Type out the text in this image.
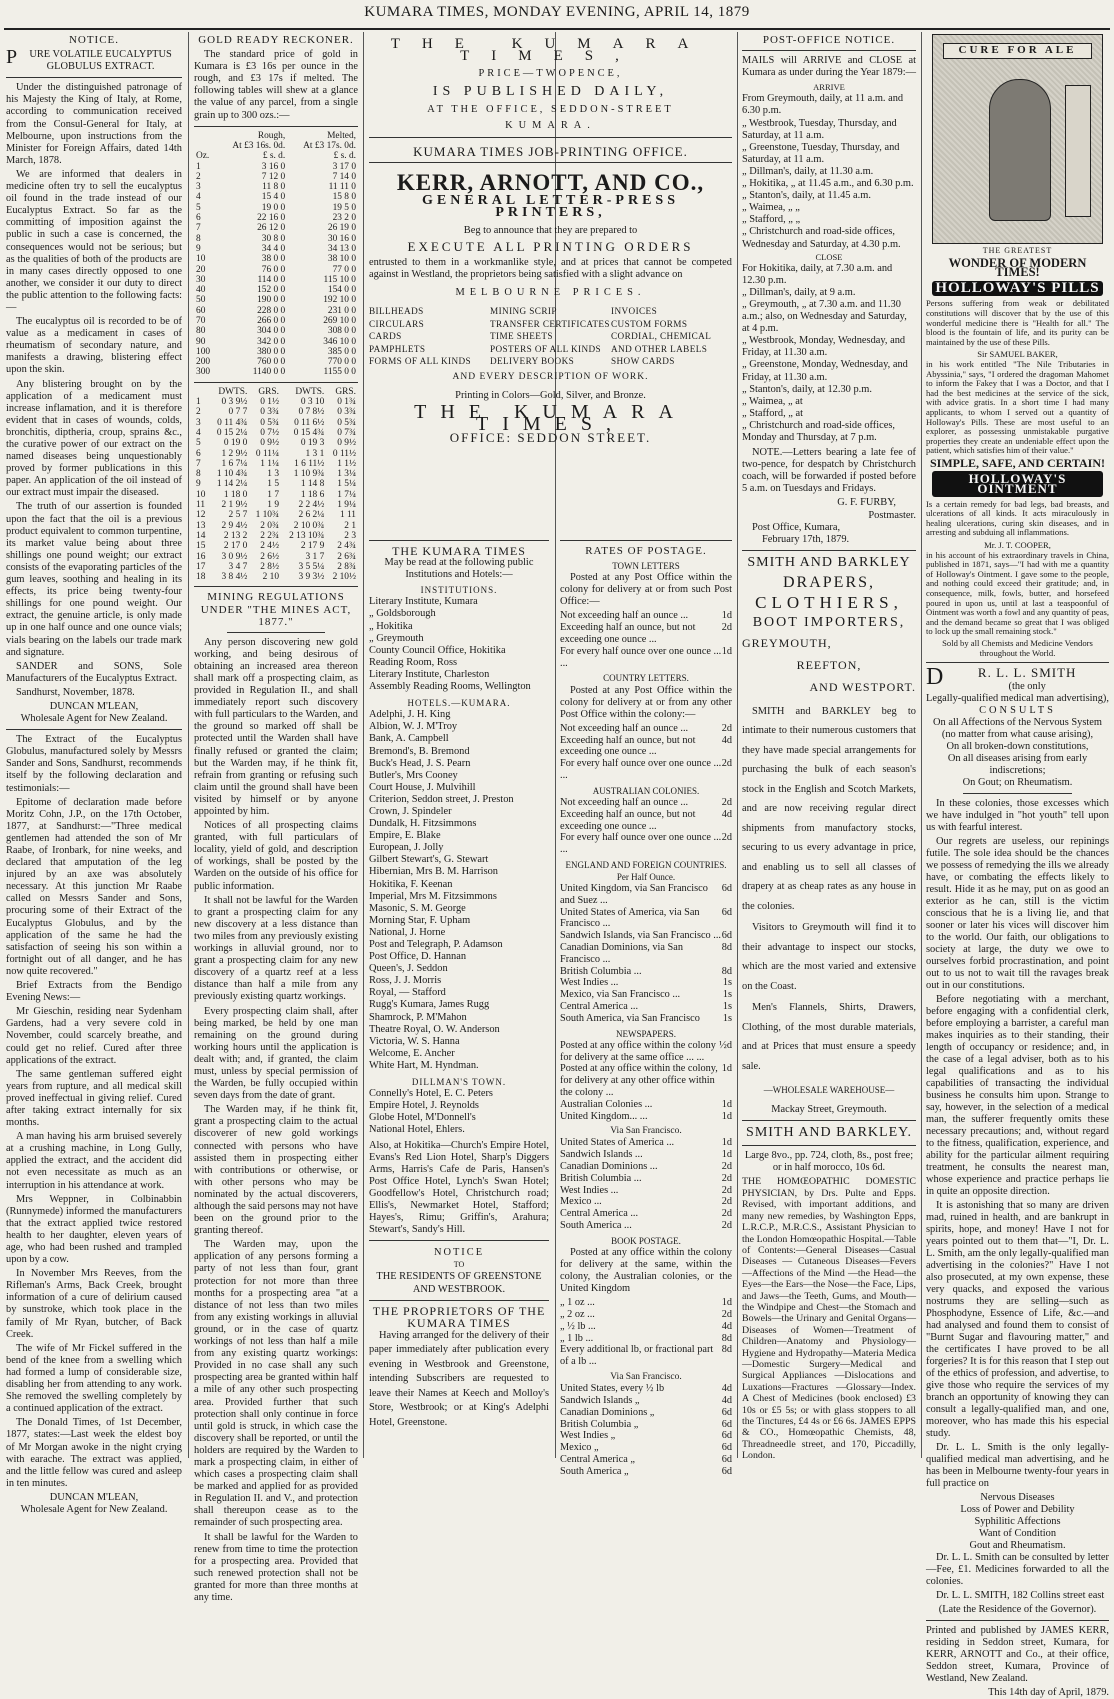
KUMARA TIMES, MONDAY EVENING, APRIL 14, 1879
NOTICE.
P URE VOLATILE EUCALYPTUS GLOBULUS EXTRACT.

Under the distinguished patronage of his Majesty the King of Italy, at Rome, according to communication received from the Consul-General for Italy, at Melbourne, upon instructions from the Minister for Foreign Affairs, dated 14th March, 1878.

We are informed that dealers in medicine often try to sell the eucalyptus oil found in the trade instead of our Eucalyptus Extract. So far as the committing of imposition against the public in such a case is concerned, the consequences would not be serious; but as the qualities of both of the products are in many cases directly opposed to one another, we consider it our duty to direct the public attention to the following facts:—

The eucalyptus oil is recorded to be of value as a medicament in cases of rheumatism of secondary nature, and manifests a drawing, blistering effect upon the skin.

Any blistering brought on by the application of a medicament must increase inflamation, and it is therefore evident that in cases of wounds, colds, bronchitis, diptheria, croup, sprains &c., the curative power of our extract on the named diseases being unquestionably proved by former publications in this paper. An application of the oil instead of our extract must impair the diseased.

The truth of our assertion is founded upon the fact that the oil is a previous product equivalent to common turpentine, its market value being about three shillings one pound weight; our extract consists of the evaporating particles of the gum leaves, soothing and healing in its effects, its price being twenty-four shillings for one pound weight. Our extract, the genuine article, is only made up in one half ounce and one ounce vials; vials bearing on the labels our trade mark and signature.

SANDER and SONS, Sole Manufacturers of the Eucalyptus Extract.

Sandhurst, November, 1878.

DUNCAN M'LEAN,
Wholesale Agent for New Zealand.

The Extract of the Eucalyptus Globulus, manufactured solely by Messrs Sander and Sons, Sandhurst, recommends itself by the following declaration and testimonials:—

Epitome of declaration made before Moritz Cohn, J.P., on the 17th October, 1877, at Sandhurst:—"Three medical gentlemen had attended the son of Mr Raabe, of Ironbark, for nine weeks, and declared that amputation of the leg injured by an axe was absolutely necessary. At this junction Mr Raabe called on Messrs Sander and Sons, procuring some of their Extract of the Eucalyptus Globulus, and by the application of the same he had the satisfaction of seeing his son within a fortnight out of all danger, and he has now quite recovered."

Brief Extracts from the Bendigo Evening News:—

Mr Gieschin, residing near Sydenham Gardens, had a very severe cold in November, could scarcely breathe, and could get no relief. Cured after three applications of the extract.

The same gentleman suffered eight years from rupture, and all medical skill proved ineffectual in giving relief. Cured after taking extract internally for six months.

A man having his arm bruised severely at a crushing machine, in Long Gully, applied the extract, and the accident did not even necessitate as much as an interruption in his attendance at work.

Mrs Weppner, in Colbinabbin (Runnymede) informed the manufacturers that the extract applied twice restored health to her daughter, eleven years of age, who had been rushed and trampled upon by a cow.

In November Mrs Reeves, from the Rifleman's Arms, Back Creek, brought information of a cure of delirium caused by sunstroke, which took place in the family of Mr Ryan, butcher, of Back Creek.

The wife of Mr Fickel suffered in the bend of the knee from a swelling which had formed a lump of considerable size, disabling her from attending to any work. She removed the swelling completely by a continued application of the extract.

The Donald Times, of 1st December, 1877, states:—Last week the eldest boy of Mr Morgan awoke in the night crying with earache. The extract was applied, and the little fellow was cured and asleep in ten minutes.

DUNCAN M'LEAN,
Wholesale Agent for New Zealand.
GOLD READY RECKONER.

The standard price of gold in Kumara is £3 16s per ounce in the rough, and £3 17s if melted. The following tables will shew at a glance the value of any parcel, from a single grain up to 300 ozs.:—

	Rough,
At £3 16s. 0d.	Melted,
At £3 17s. 0d.
Oz.	£ s. d.	£ s. d.
1	3 16 0	3 17 0
2	7 12 0	7 14 0
3	11 8 0	11 11 0
4	15 4 0	15 8 0
5	19 0 0	19 5 0
6	22 16 0	23 2 0
7	26 12 0	26 19 0
8	30 8 0	30 16 0
9	34 4 0	34 13 0
10	38 0 0	38 10 0
20	76 0 0	77 0 0
30	114 0 0	115 10 0
40	152 0 0	154 0 0
50	190 0 0	192 10 0
60	228 0 0	231 0 0
70	266 0 0	269 10 0
80	304 0 0	308 0 0
90	342 0 0	346 10 0
100	380 0 0	385 0 0
200	760 0 0	770 0 0
300	1140 0 0	1155 0 0
	DWTS.	GRS.	DWTS.	GRS.
1	0 3 9½	0 1½	0 3 10	0 1¾
2	0 7 7	0 3¾	0 7 8½	0 3¾
3	0 11 4¾	0 5¾	0 11 6½	0 5¾
4	0 15 2¼	0 7½	0 15 4¾	0 7¾
5	0 19 0	0 9½	0 19 3	0 9½
6	1 2 9½	0 11¼	1 3 1	0 11½
7	1 6 7¼	1 1¼	1 6 11½	1 1½
8	1 10 4¾	1 3	1 10 9¾	1 3¼
9	1 14 2¼	1 5	1 14 8	1 5¼
10	1 18 0	1 7	1 18 6	1 7¼
11	2 1 9½	1 9	2 2 4½	1 9¼
12	2 5 7	1 10¾	2 6 2¼	1 11
13	2 9 4½	2 0¾	2 10 0¾	2 1
14	2 13 2	2 2¾	2 13 10¾	2 3
15	2 17 0	2 4½	2 17 9	2 4¾
16	3 0 9½	2 6½	3 1 7	2 6¾
17	3 4 7	2 8½	3 5 5¼	2 8¾
18	3 8 4½	2 10	3 9 3½	2 10½
MINING REGULATIONS UNDER "THE MINES ACT, 1877."

Any person discovering new gold working, and being desirous of obtaining an increased area thereon shall mark off a prospecting claim, as provided in Regulation II., and shall immediately report such discovery with full particulars to the Warden, and the ground so marked off shall be protected until the Warden shall have finally refused or granted the claim; but the Warden may, if he think fit, refrain from granting or refusing such claim until the ground shall have been visited by himself or by anyone appointed by him.

Notices of all prospecting claims granted, with full particulars of locality, yield of gold, and description of workings, shall be posted by the Warden on the outside of his office for public information.

It shall not be lawful for the Warden to grant a prospecting claim for any new discovery at a less distance than two miles from any previously existing workings in alluvial ground, nor to grant a prospecting claim for any new discovery of a quartz reef at a less distance than half a mile from any previously existing quartz workings.

Every prospecting claim shall, after being marked, be held by one man remaining on the ground during working hours until the application is dealt with; and, if granted, the claim must, unless by special permission of the Warden, be fully occupied within seven days from the date of grant.

The Warden may, if he think fit, grant a prospecting claim to the actual discoverer of new gold workings connected with persons who have assisted them in prospecting either with contributions or otherwise, or with other persons who may be nominated by the actual discoverers, although the said persons may not have been on the ground prior to the granting thereof.

The Warden may, upon the application of any persons forming a party of not less than four, grant protection for not more than three months for a prospecting area "at a distance of not less than two miles from any existing workings in alluvial ground, or in the case of quartz workings of not less than half a mile from any existing quartz workings: Provided in no case shall any such prospecting area be granted within half a mile of any other such prospecting area. Provided further that such protection shall only continue in force until gold is struck, in which case the discovery shall be reported, or until the holders are required by the Warden to mark a prospecting claim, in either of which cases a prospecting claim shall be marked and applied for as provided in Regulation II. and V., and protection shall thereupon cease as to the remainder of such prospecting area.

It shall be lawful for the Warden to renew from time to time the protection for a prospecting area. Provided that such renewed protection shall not be granted for more than three months at any time.

THE KUMARA TIMES,
PRICE—TWOPENCE,
IS PUBLISHED DAILY,
AT THE OFFICE, SEDDON-STREET
KUMARA.
KUMARA TIMES JOB-PRINTING OFFICE.
KERR, ARNOTT, AND CO.,
GENERAL LETTER-PRESS PRINTERS,
Beg to announce that they are prepared to
EXECUTE ALL PRINTING ORDERS

entrusted to them in a workmanlike style, and at prices that cannot be competed against in Westland, the proprietors being satisfied with a slight advance on

MELBOURNE PRICES.
BILLHEADS	MINING SCRIP	INVOICES
CIRCULARS	TRANSFER CERTIFICATES CUSTOM FORMS
CARDS	TIME SHEETS	CORDIAL, CHEMICAL
PAMPHLETS	POSTERS OF ALL KINDS	AND OTHER LABELS
FORMS OF ALL KINDS	DELIVERY BOOKS	SHOW CARDS
AND EVERY DESCRIPTION OF WORK.
Printing in Colors—Gold, Silver, and Bronze.
THE KUMARA TIMES,
OFFICE: SEDDON STREET.
THE KUMARA TIMES

May be read at the following public Institutions and Hotels:—

INSTITUTIONS.
Literary Institute, Kumara
„ Goldsborough
„ Hokitika
„ Greymouth
County Council Office, Hokitika
Reading Room, Ross
Literary Institute, Charleston
Assembly Reading Rooms, Wellington
HOTELS.—KUMARA.
Adelphi, J. H. King
Albion, W. J. M'Troy
Bank, A. Campbell
Bremond's, B. Bremond
Buck's Head, J. S. Pearn
Butler's, Mrs Cooney
Court House, J. Mulvihill
Criterion, Seddon street, J. Preston
Crown, J. Spindeler
Dundalk, H. Fitzsimmons
Empire, E. Blake
European, J. Jolly
Gilbert Stewart's, G. Stewart
Hibernian, Mrs B. M. Harrison
Hokitika, F. Keenan
Imperial, Mrs M. Fitzsimmons
Masonic, S. M. George
Morning Star, F. Upham
National, J. Horne
Post and Telegraph, P. Adamson
Post Office, D. Hannan
Queen's, J. Seddon
Ross, J. J. Morris
Royal, — Stafford
Rugg's Kumara, James Rugg
Shamrock, P. M'Mahon
Theatre Royal, O. W. Anderson
Victoria, W. S. Hanna
Welcome, E. Ancher
White Hart, M. Hyndman.
DILLMAN'S TOWN.
Connelly's Hotel, E. C. Peters
Empire Hotel, J. Reynolds
Globe Hotel, M'Donnell's
National Hotel, Ehlers.

Also, at Hokitika—Church's Empire Hotel, Evans's Red Lion Hotel, Sharp's Diggers Arms, Harris's Cafe de Paris, Hansen's Post Office Hotel, Lynch's Swan Hotel; Goodfellow's Hotel, Christchurch road; Ellis's, Newmarket Hotel, Stafford; Hayes's, Rimu; Griffin's, Arahura; Stewart's, Sandy's Hill.

NOTICE
TO
THE RESIDENTS OF GREENSTONE AND WESTBROOK.
THE PROPRIETORS OF THE KUMARA TIMES

Having arranged for the delivery of their paper immediately after publication every evening in Westbrook and Greenstone, intending Subscribers are requested to leave their Names at Keech and Molloy's Store, Westbrook; or at King's Adelphi Hotel, Greenstone.

RATES OF POSTAGE.
TOWN LETTERS

Posted at any Post Office within the colony for delivery at or from such Post Office:—

Not exceeding half an ounce ...	1d
Exceeding half an ounce, but not exceeding one ounce ...
2d
For every half ounce over one ounce ... ...
1d
COUNTRY LETTERS.

Posted at any Post Office within the colony for delivery at or from any other Post Office within the colony:—

Not exceeding half an ounce ...	2d
Exceeding half an ounce, but not exceeding one ounce ...
4d
For every half ounce over one ounce ... ...
2d
AUSTRALIAN COLONIES.
Not exceeding half an ounce ...	2d
Exceeding half an ounce, but not exceeding one ounce ...
4d
For every half ounce over one ounce ... ...
2d
ENGLAND AND FOREIGN COUNTRIES. Per Half Ounce.
United Kingdom, via San Francisco and Suez ...
6d
United States of America, via San Francisco ...
6d
Sandwich Islands, via San Francisco ... 6d
Canadian Dominions, via San Francisco ...
8d
British Columbia ...	8d
West Indies ...	1s
Mexico, via San Francisco ...	1s
Central America ...	1s
South America, via San Francisco	1s
NEWSPAPERS.
Posted at any office within the colony for delivery at the same office ... ...
½d
Posted at any office within the colony, for delivery at any other office within the colony ...
1d
Australian Colonies ...	1d
United Kingdom... ...	1d
Via San Francisco.
United States of America ...	1d
Sandwich Islands ...	1d
Canadian Dominions ...	2d
British Columbia ...	2d
West Indies ...	2d
Mexico ...	2d
Central America ...	2d
South America ...	2d
BOOK POSTAGE.

Posted at any office within the colony for delivery at the same, within the colony, the Australian colonies, or the United Kingdom

„ 1 oz ...	1d
„ 2 oz ...	2d
„ ½ lb ...	4d
„ 1 lb ...	8d
Every additional lb, or fractional part of a lb ...
8d
Via San Francisco.
United States, every ½ lb	4d
Sandwich Islands „	4d
Canadian Dominions „	6d
British Columbia „	6d
West Indies „	6d
Mexico „	6d
Central America „	6d
South America „	6d
POST-OFFICE NOTICE.

MAILS will ARRIVE and CLOSE at Kumara as under during the Year 1879:—

ARRIVE
From Greymouth, daily, at 11 a.m. and 6.30 p.m.
„ Westbrook, Tuesday, Thursday, and Saturday, at 11 a.m.
„ Greenstone, Tuesday, Thursday, and Saturday, at 11 a.m.
„ Dillman's, daily, at 11.30 a.m.
„ Hokitika, „ at 11.45 a.m., and 6.30 p.m.
„ Stanton's, daily, at 11.45 a.m.
„ Waimea, „ „
„ Stafford, „ „
„ Christchurch and road-side offices, Wednesday and Saturday, at 4.30 p.m.
CLOSE
For Hokitika, daily, at 7.30 a.m. and 12.30 p.m.
„ Dillman's, daily, at 9 a.m.
„ Greymouth, „ at 7.30 a.m. and 11.30 a.m.; also, on Wednesday and Saturday, at 4 p.m.
„ Westbrook, Monday, Wednesday, and Friday, at 11.30 a.m.
„ Greenstone, Monday, Wednesday, and Friday, at 11.30 a.m.
„ Stanton's, daily, at 12.30 p.m.
„ Waimea, „ at
„ Stafford, „ at
„ Christchurch and road-side offices, Monday and Thursday, at 7 p.m.

NOTE.—Letters bearing a late fee of two-pence, for despatch by Christchurch coach, will be forwarded if posted before 5 a.m. on Tuesdays and Fridays.

G. F. FURBY,
Postmaster.
Post Office, Kumara,
February 17th, 1879.
SMITH AND BARKLEY
DRAPERS,
CLOTHIERS,
BOOT IMPORTERS,
GREYMOUTH,
REEFTON,
AND WESTPORT.

SMITH and BARKLEY beg to intimate to their numerous customers that they have made special arrangements for purchasing the bulk of each season's stock in the English and Scotch Markets, and are now receiving regular direct shipments from manufactory stocks, securing to us every advantage in price, and enabling us to sell all classes of drapery at as cheap rates as any house in the colonies.

Visitors to Greymouth will find it to their advantage to inspect our stocks, which are the most varied and extensive on the Coast.

Men's Flannels, Shirts, Drawers, Clothing, of the most durable materials, and at Prices that must ensure a speedy sale.

—WHOLESALE WAREHOUSE—
Mackay Street, Greymouth.
SMITH AND BARKLEY.

Large 8vo., pp. 724, cloth, 8s., post free; or in half morocco, 10s 6d.

THE HOMŒOPATHIC DOMESTIC PHYSICIAN, by Drs. Pulte and Epps. Revised, with important additions, and many new remedies, by Washington Epps, L.R.C.P., M.R.C.S., Assistant Physician to the London Homœopathic Hospital.—Table of Contents:—General Diseases—Casual Diseases — Cutaneous Diseases—Fevers—Affections of the Mind —the Head—the Eyes—the Ears—the Nose—the Face, Lips, and Jaws—the Teeth, Gums, and Mouth—the Windpipe and Chest—the Stomach and Bowels—the Urinary and Genital Organs—Diseases of Women—Treatment of Children—Anatomy and Physiology—Hygiene and Hydropathy—Materia Medica—Domestic Surgery—Medical and Surgical Appliances —Dislocations and Luxations—Fractures —Glossary—Index. A Chest of Medicines (book enclosed) £3 10s or £5 5s; or with glass stoppers to all the Tinctures, £4 4s or £6 6s. JAMES EPPS & CO., Homœopathic Chemists, 48, Threadneedle street, and 170, Piccadilly, London.

CURE FOR ALE
THE GREATEST
WONDER OF MODERN TIMES!
HOLLOWAY'S PILLS

Persons suffering from weak or debilitated constitutions will discover that by the use of this wonderful medicine there is "Health for all." The blood is the fountain of life, and its purity can be maintained by the use of these Pills.

Sir SAMUEL BAKER,

in his work entitled "The Nile Tributaries in Abyssinia," says, "I ordered the dragoman Mahomet to inform the Fakey that I was a Doctor, and that I had the best medicines at the service of the sick, with advice gratis. In a short time I had many applicants, to whom I served out a quantity of Holloway's Pills. These are most useful to an explorer, as possessing unmistakable purgative properties they create an undeniable effect upon the patient, which satisfies him of their value."

SIMPLE, SAFE, AND CERTAIN!
HOLLOWAY'S OINTMENT

Is a certain remedy for bad legs, bad breasts, and ulcerations of all kinds. It acts miraculously in healing ulcerations, curing skin diseases, and in arresting and subduing all inflammations.

Mr. J. T. COOPER,

in his account of his extraordinary travels in China, published in 1871, says—"I had with me a quantity of Holloway's Ointment. I gave some to the people, and nothing could exceed their gratitude; and, in consequence, milk, fowls, butter, and horsefeed poured in upon us, until at last a teaspoonful of Ointment was worth a fowl and any quantity of peas, and the demand became so great that I was obliged to lock up the small remaining stock."

Sold by all Chemists and Medicine Vendors throughout the World.

D	R. L. L. SMITH
(the only
Legally-qualified medical man advertising),
CONSULTS
On all Affections of the Nervous System
(no matter from what cause arising),
On all broken-down constitutions,
On all diseases arising from early indiscretions;
On Gout; on Rheumatism.

In these colonies, those excesses which we have indulged in "hot youth" tell upon us with fearful interest.

Our regrets are useless, our repinings futile. The sole idea should be the chances we possess of remedying the ills we already have, or combating the effects likely to result. Hide it as he may, put on as good an exterior as he can, still is the victim conscious that he is a living lie, and that sooner or later his vices will discover him to the world. Our faith, our obligations to society at large, the duty we owe to ourselves forbid procrastination, and point out to us not to wait till the ravages break out in our constitutions.

Before negotiating with a merchant, before engaging with a confidential clerk, before employing a barrister, a careful man makes inquiries as to their standing, their length of occupancy or residence; and, in the case of a legal adviser, both as to his legal qualifications and as to his capabilities of transacting the individual business he consults him upon. Strange to say, however, in the selection of a medical man, the sufferer frequently omits these necessary precautions; and, without regard to the fitness, qualification, experience, and ability for the particular ailment requiring treatment, he consults the nearest man, whose experience and practice perhaps lie in quite an opposite direction.

It is astonishing that so many are driven mad, ruined in health, and are bankrupt in spirits, hope, and money! Have I not for years pointed out to them that—"I, Dr. L. L. Smith, am the only legally-qualified man advertising in the colonies?" Have I not also prosecuted, at my own expense, these very quacks, and exposed the various nostrums they are selling—such as Phosphodyne, Essence of Life, &c.—and had analysed and found them to consist of "Burnt Sugar and flavouring matter," and the certificates I have proved to be all forgeries? It is for this reason that I step out of the ethics of profession, and advertise, to give those who require the services of my branch an opportunity of knowing they can consult a legally-qualified man, and one, moreover, who has made this his especial study.

Dr. L. L. Smith is the only legally-qualified medical man advertising, and he has been in Melbourne twenty-four years in full practice on

Nervous Diseases
Loss of Power and Debility
Syphilitic Affections
Want of Condition
Gout and Rheumatism.

Dr. L. L. Smith can be consulted by letter—Fee, £1. Medicines forwarded to all the colonies.

Dr. L. L. SMITH, 182 Collins street east

(Late the Residence of the Governor).

Printed and published by JAMES KERR, residing in Seddon street, Kumara, for KERR, ARNOTT and Co., at their office, Seddon street, Kumara, Province of Westland, New Zealand.

This 14th day of April, 1879.
